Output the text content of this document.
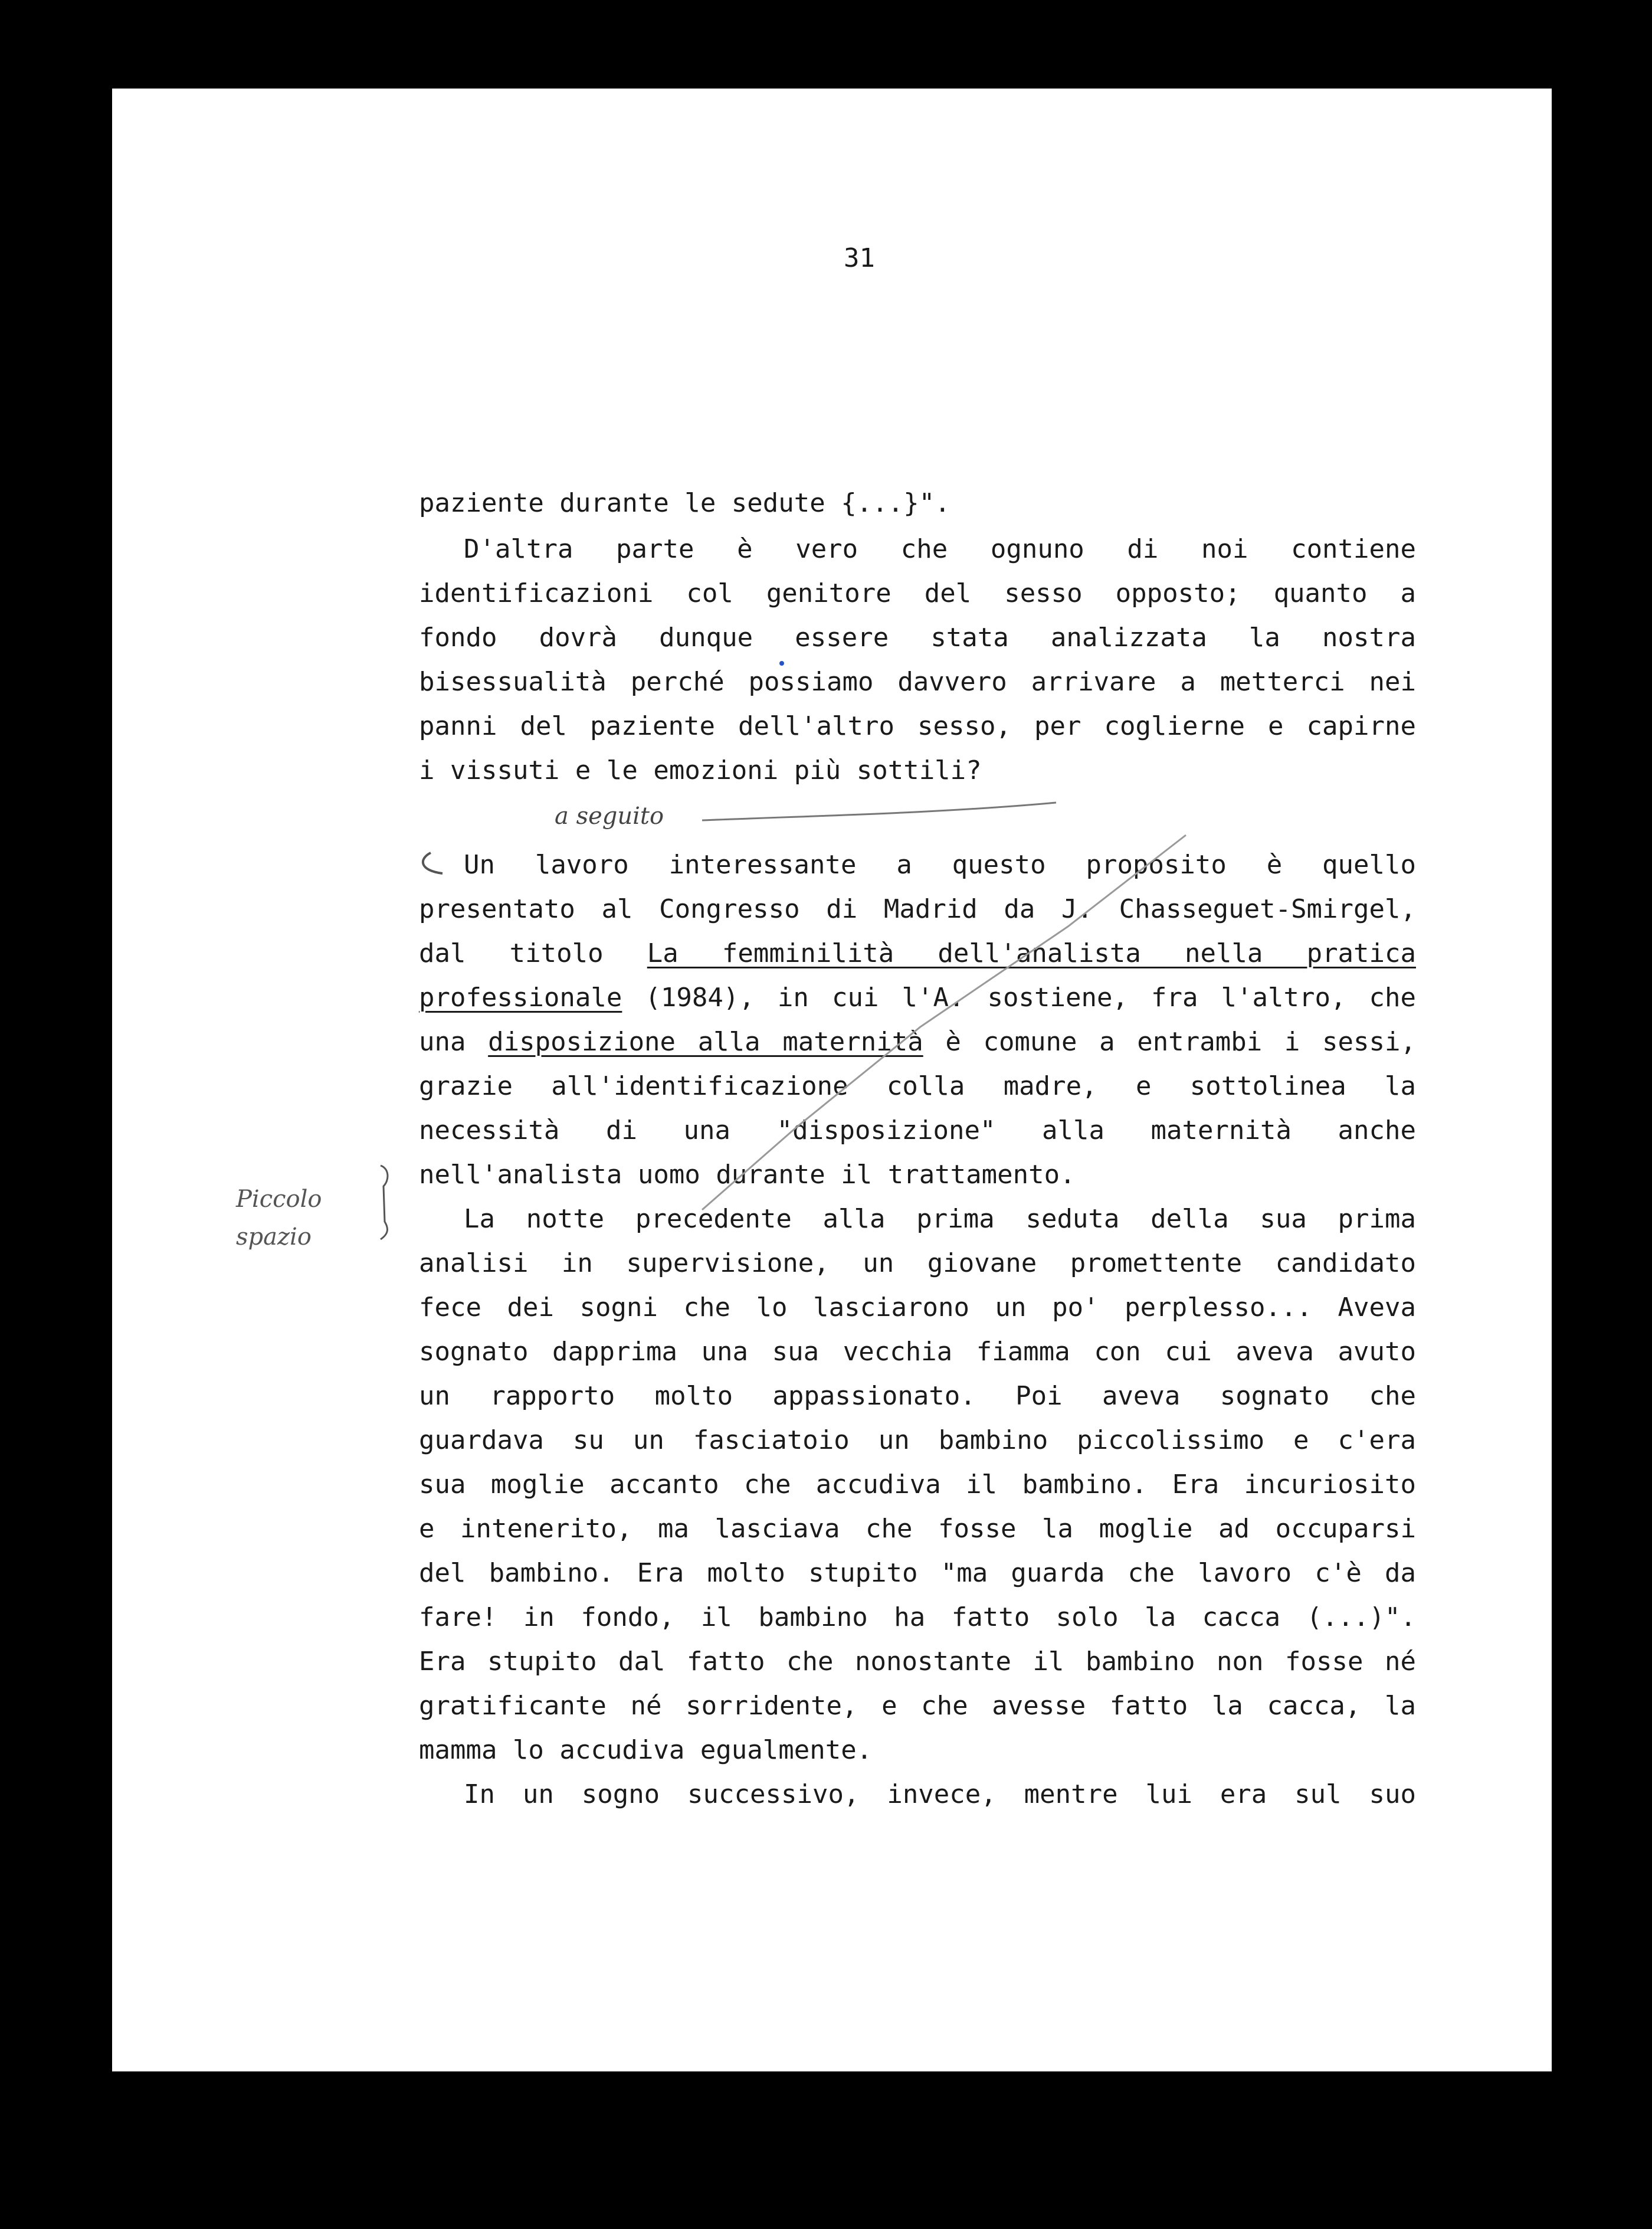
31
paziente durante le sedute {...}".
D'altra parte è vero che ognuno di noi contiene
identificazioni col genitore del sesso opposto; quanto a
fondo dovrà dunque essere stata analizzata la nostra
bisessualità perché possiamo davvero arrivare a metterci nei
panni del paziente dell'altro sesso, per coglierne e capirne
i vissuti e le emozioni più sottili?
Un lavoro interessante a questo proposito è quello
presentato al Congresso di Madrid da J. Chasseguet-Smirgel,
dal titolo La femminilità dell'analista nella pratica
professionale (1984), in cui l'A. sostiene, fra l'altro, che
una disposizione alla maternità è comune a entrambi i sessi,
grazie all'identificazione colla madre, e sottolinea la
necessità di una "disposizione" alla maternità anche
nell'analista uomo durante il trattamento.
La notte precedente alla prima seduta della sua prima
analisi in supervisione, un giovane promettente candidato
fece dei sogni che lo lasciarono un po' perplesso... Aveva
sognato dapprima una sua vecchia fiamma con cui aveva avuto
un rapporto molto appassionato. Poi aveva sognato che
guardava su un fasciatoio un bambino piccolissimo e c'era
sua moglie accanto che accudiva il bambino. Era incuriosito
e intenerito, ma lasciava che fosse la moglie ad occuparsi
del bambino. Era molto stupito "ma guarda che lavoro c'è da
fare! in fondo, il bambino ha fatto solo la cacca (...)".
Era stupito dal fatto che nonostante il bambino non fosse né
gratificante né sorridente, e che avesse fatto la cacca, la
mamma lo accudiva egualmente.
In un sogno successivo, invece, mentre lui era sul suo
a seguito
Piccolo
spazio
